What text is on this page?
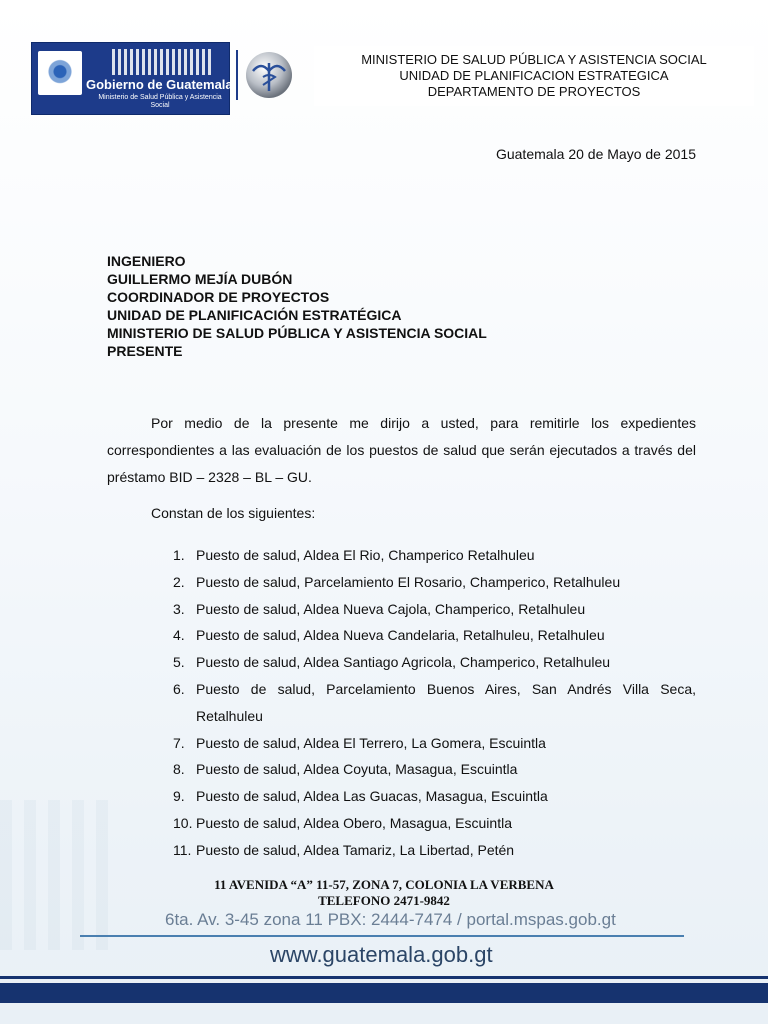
Gobierno de Guatemala
Ministerio de Salud Pública y Asistencia Social
MINISTERIO DE SALUD PÚBLICA Y ASISTENCIA SOCIAL
UNIDAD DE PLANIFICACION ESTRATEGICA
DEPARTAMENTO DE PROYECTOS
Guatemala 20 de Mayo de 2015
INGENIERO
GUILLERMO MEJÍA DUBÓN
COORDINADOR DE PROYECTOS
UNIDAD DE PLANIFICACIÓN ESTRATÉGICA
MINISTERIO DE SALUD PÚBLICA Y ASISTENCIA SOCIAL
PRESENTE
Por medio de la presente me dirijo a usted, para remitirle los expedientes correspondientes a las evaluación de los puestos de salud que serán ejecutados a través del préstamo BID – 2328 – BL – GU.
Constan de los siguientes:
1. Puesto de salud, Aldea El Rio, Champerico Retalhuleu
2. Puesto de salud, Parcelamiento El Rosario, Champerico, Retalhuleu
3. Puesto de salud, Aldea Nueva Cajola, Champerico, Retalhuleu
4. Puesto de salud, Aldea Nueva Candelaria, Retalhuleu, Retalhuleu
5. Puesto de salud, Aldea Santiago Agricola, Champerico, Retalhuleu
6. Puesto de salud, Parcelamiento Buenos Aires, San Andrés Villa Seca, Retalhuleu
7. Puesto de salud, Aldea El Terrero, La Gomera, Escuintla
8. Puesto de salud, Aldea Coyuta, Masagua, Escuintla
9. Puesto de salud, Aldea Las Guacas, Masagua, Escuintla
10. Puesto de salud, Aldea Obero, Masagua, Escuintla
11. Puesto de salud, Aldea Tamariz, La Libertad, Petén
11 AVENIDA “A” 11-57, ZONA 7, COLONIA LA VERBENA
TELEFONO 2471-9842
6ta. Av. 3-45 zona 11 PBX: 2444-7474 / portal.mspas.gob.gt
www.guatemala.gob.gt
